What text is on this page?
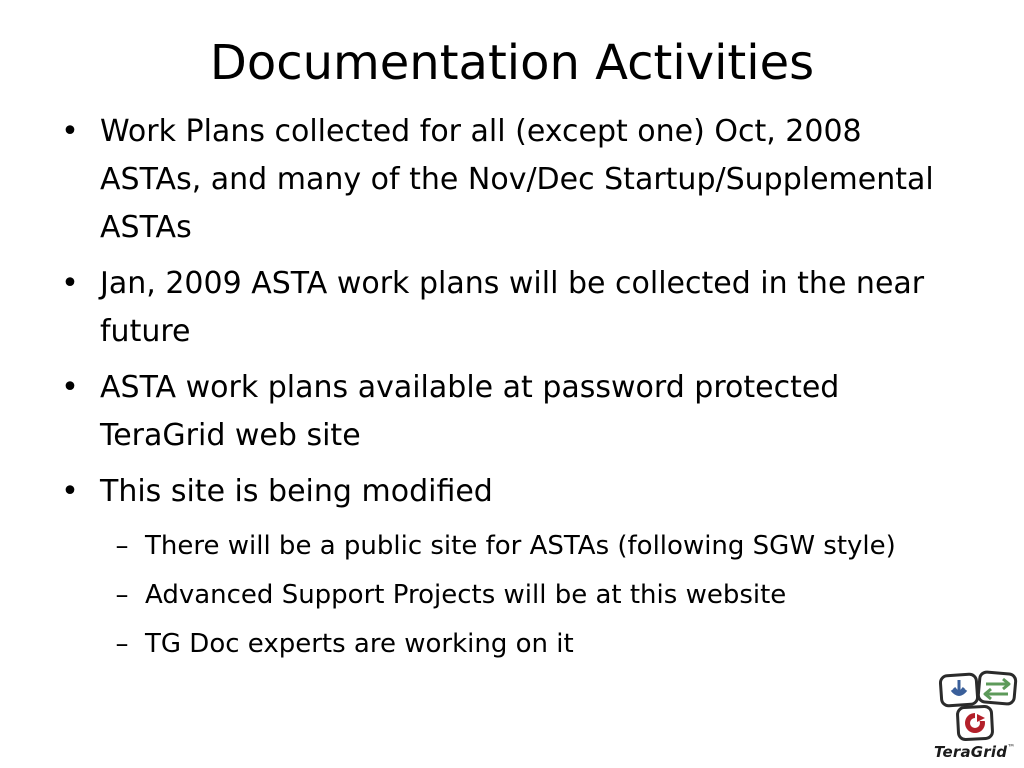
Documentation Activities
• Work Plans collected for all (except one) Oct, 2008 ASTAs, and many of the Nov/Dec Startup/Supplemental ASTAs
• Jan, 2009 ASTA work plans will be collected in the near future
• ASTA work plans available at password protected TeraGrid web site
• This site is being modified
– There will be a public site for ASTAs (following SGW style)
– Advanced Support Projects will be at this website
– TG Doc experts are working on it
TeraGrid™
